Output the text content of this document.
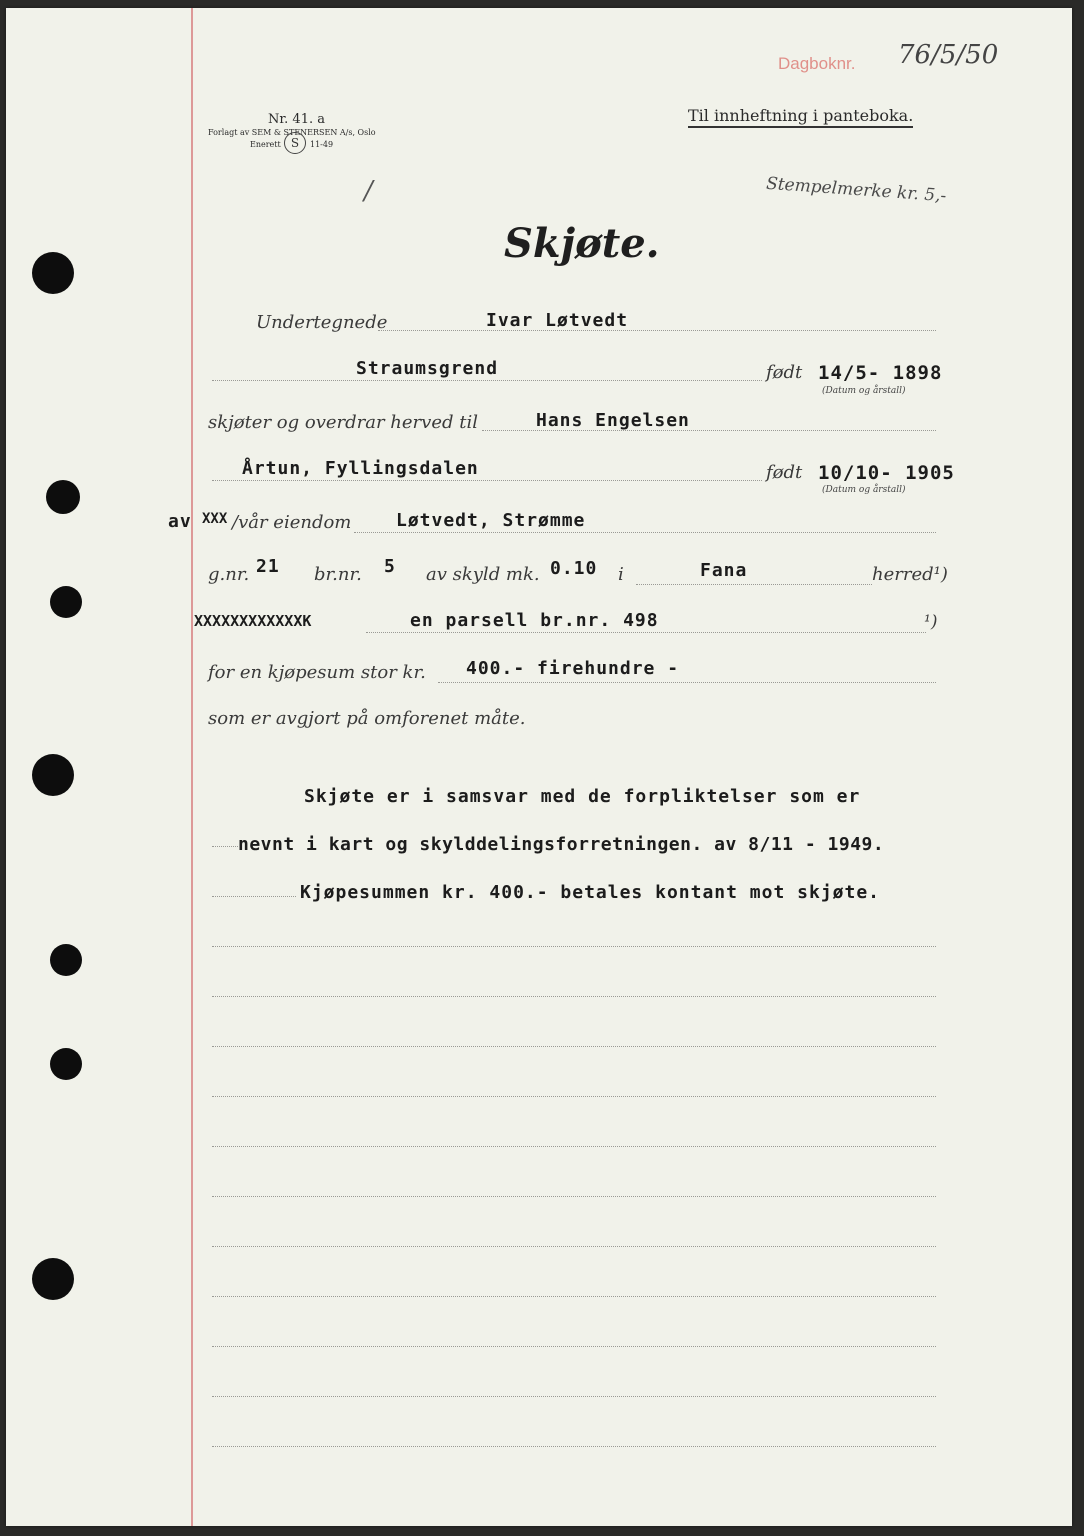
Dagboknr. 76/5/50
Nr. 41. a
Forlagt av SEM & STENERSEN A/s, Oslo
Enerett S	11-49
Til innheftning i panteboka.
Stempelmerke kr. 5,-
/
Skjøte.
Undertegnede	Ivar Løtvedt
Straumsgrend	født 14/5- 1898
(Datum og årstall)
skjøter og overdrar herved til	Hans Engelsen
Årtun, Fyllingsdalen	født 10/10- 1905
(Datum og årstall)
av XXX /vår eiendom Løtvedt, Strømme
g.nr. 21 br.nr. 5 av skyld mk. 0.10 i	Fana	herred¹)
XXXXXXXXXXXXK	en parsell br.nr. 498	¹)
for en kjøpesum stor kr. 400.- firehundre -
som er avgjort på omforenet måte.
Skjøte er i samsvar med de forpliktelser som er
nevnt i kart og skylddelingsforretningen. av 8/11 - 1949.
Kjøpesummen kr. 400.- betales kontant mot skjøte.
